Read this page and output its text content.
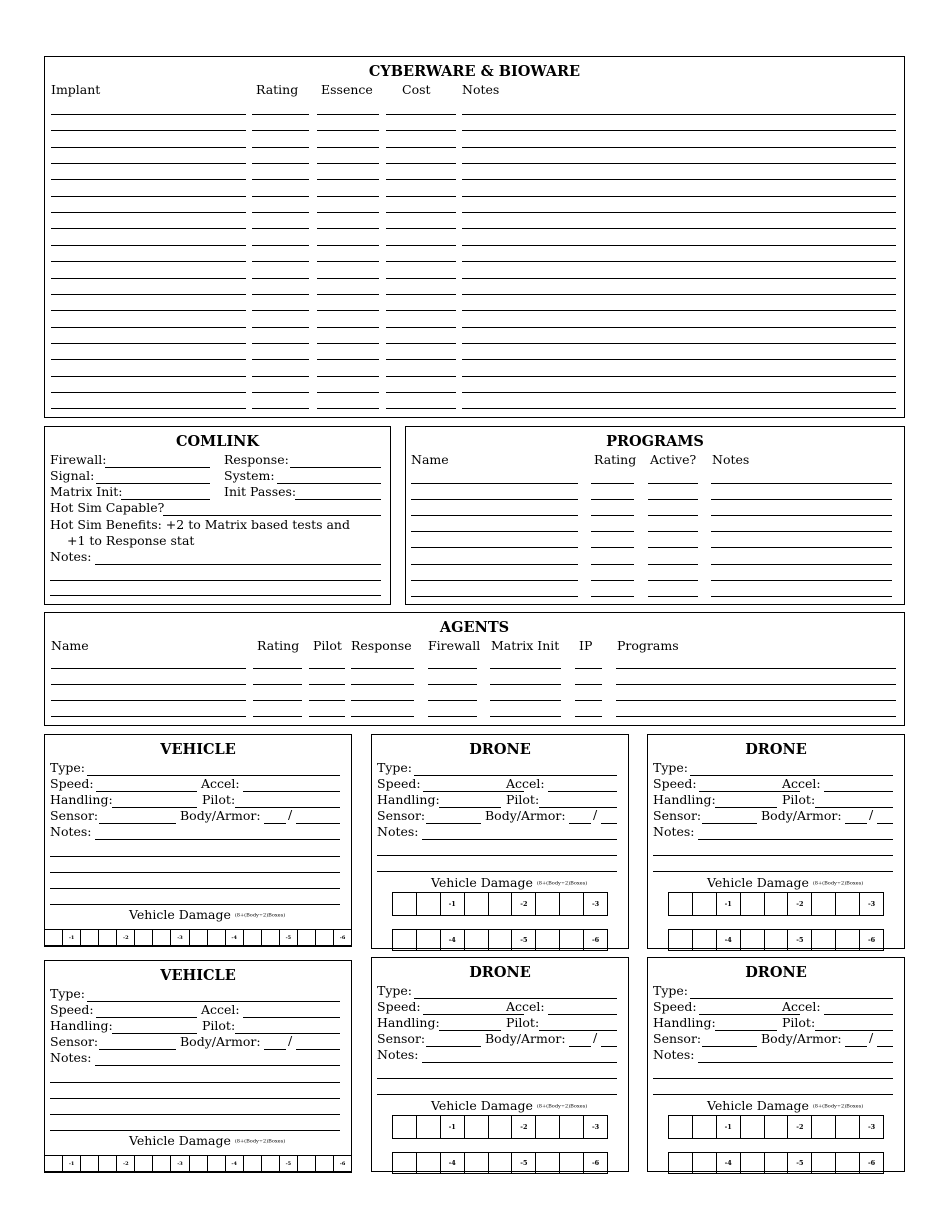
CYBERWARE & BIOWARE
Implant	Rating Essence Cost	Notes
COMLINK
Firewall:	Response:
Signal:	System:
Matrix Init:	Init Passes:
Hot Sim Capable?
Hot Sim Benefits: +2 to Matrix based tests and
+1 to Response stat
Notes:
PROGRAMS
Name	Rating Active? Notes
AGENTS
Name	Rating Pilot Response Firewall Matrix Init IP Programs
VEHICLE
Type:
Speed:	Accel:
Handling:	Pilot:
Sensor:	Body/Armor: /
Notes:
Vehicle Damage (8+(Body÷2)Boxes)
-1	-2	-3	-4	-5	-6
DRONE
Type:
Speed:	Accel:
Handling:	Pilot:
Sensor:	Body/Armor: /
Notes:
Vehicle Damage (8+(Body÷2)Boxes)
-1	-2	-3
-4	-5	-6
DRONE
Type:
Speed:	Accel:
Handling:	Pilot:
Sensor:	Body/Armor: /
Notes:
Vehicle Damage (8+(Body÷2)Boxes)
-1	-2	-3
-4	-5	-6
VEHICLE
Type:
Speed:	Accel:
Handling:	Pilot:
Sensor:	Body/Armor: /
Notes:
Vehicle Damage (8+(Body÷2)Boxes)
-1	-2	-3	-4	-5	-6
DRONE
Type:
Speed:	Accel:
Handling:	Pilot:
Sensor:	Body/Armor: /
Notes:
Vehicle Damage (8+(Body÷2)Boxes)
-1	-2	-3
-4	-5	-6
DRONE
Type:
Speed:	Accel:
Handling:	Pilot:
Sensor:	Body/Armor: /
Notes:
Vehicle Damage (8+(Body÷2)Boxes)
-1	-2	-3
-4	-5	-6
